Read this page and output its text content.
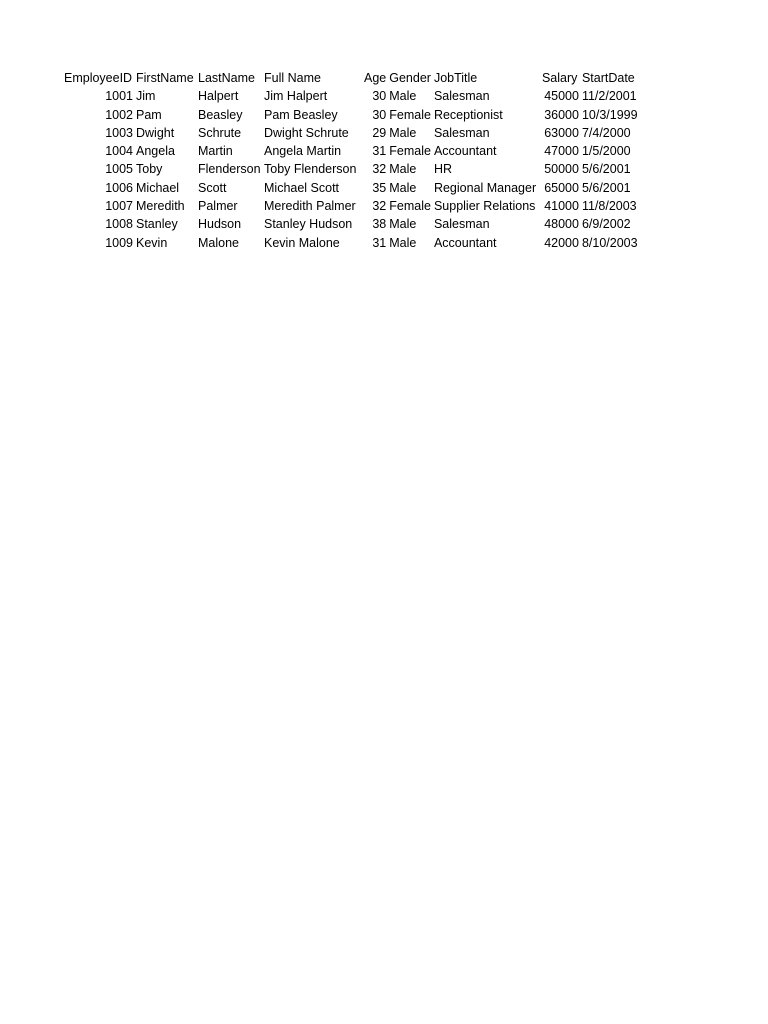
EmployeeID	FirstName	LastName	Full Name	Age	Gender	JobTitle	Salary	StartDate
1001	Jim	Halpert	Jim Halpert	30	Male	Salesman	45000	11/2/2001
1002	Pam	Beasley	Pam Beasley	30	Female	Receptionist	36000	10/3/1999
1003	Dwight	Schrute	Dwight Schrute	29	Male	Salesman	63000	7/4/2000
1004	Angela	Martin	Angela Martin	31	Female	Accountant	47000	1/5/2000
1005	Toby	Flenderson	Toby Flenderson	32	Male	HR	50000	5/6/2001
1006	Michael	Scott	Michael Scott	35	Male	Regional Manager	65000	5/6/2001
1007	Meredith	Palmer	Meredith Palmer	32	Female	Supplier Relations	41000	11/8/2003
1008	Stanley	Hudson	Stanley Hudson	38	Male	Salesman	48000	6/9/2002
1009	Kevin	Malone	Kevin Malone	31	Male	Accountant	42000	8/10/2003
